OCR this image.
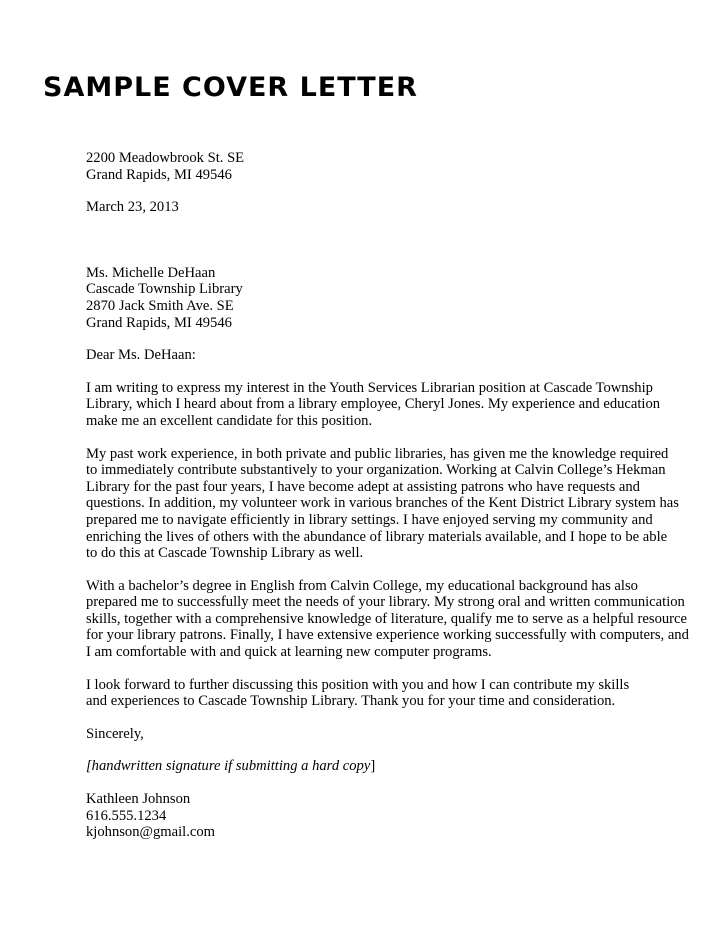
SAMPLE COVER LETTER
2200 Meadowbrook St. SE
Grand Rapids, MI 49546
March 23, 2013
Ms. Michelle DeHaan
Cascade Township Library
2870 Jack Smith Ave. SE
Grand Rapids, MI 49546
Dear Ms. DeHaan:
I am writing to express my interest in the Youth Services Librarian position at Cascade Township
Library, which I heard about from a library employee, Cheryl Jones. My experience and education
make me an excellent candidate for this position.
My past work experience, in both private and public libraries, has given me the knowledge required
to immediately contribute substantively to your organization. Working at Calvin College’s Hekman
Library for the past four years, I have become adept at assisting patrons who have requests and
questions. In addition, my volunteer work in various branches of the Kent District Library system has
prepared me to navigate efficiently in library settings. I have enjoyed serving my community and
enriching the lives of others with the abundance of library materials available, and I hope to be able
to do this at Cascade Township Library as well.
With a bachelor’s degree in English from Calvin College, my educational background has also
prepared me to successfully meet the needs of your library. My strong oral and written communication
skills, together with a comprehensive knowledge of literature, qualify me to serve as a helpful resource
for your library patrons. Finally, I have extensive experience working successfully with computers, and
I am comfortable with and quick at learning new computer programs.
I look forward to further discussing this position with you and how I can contribute my skills
and experiences to Cascade Township Library. Thank you for your time and consideration.
Sincerely,
[handwritten signature if submitting a hard copy]
Kathleen Johnson
616.555.1234
kjohnson@gmail.com
